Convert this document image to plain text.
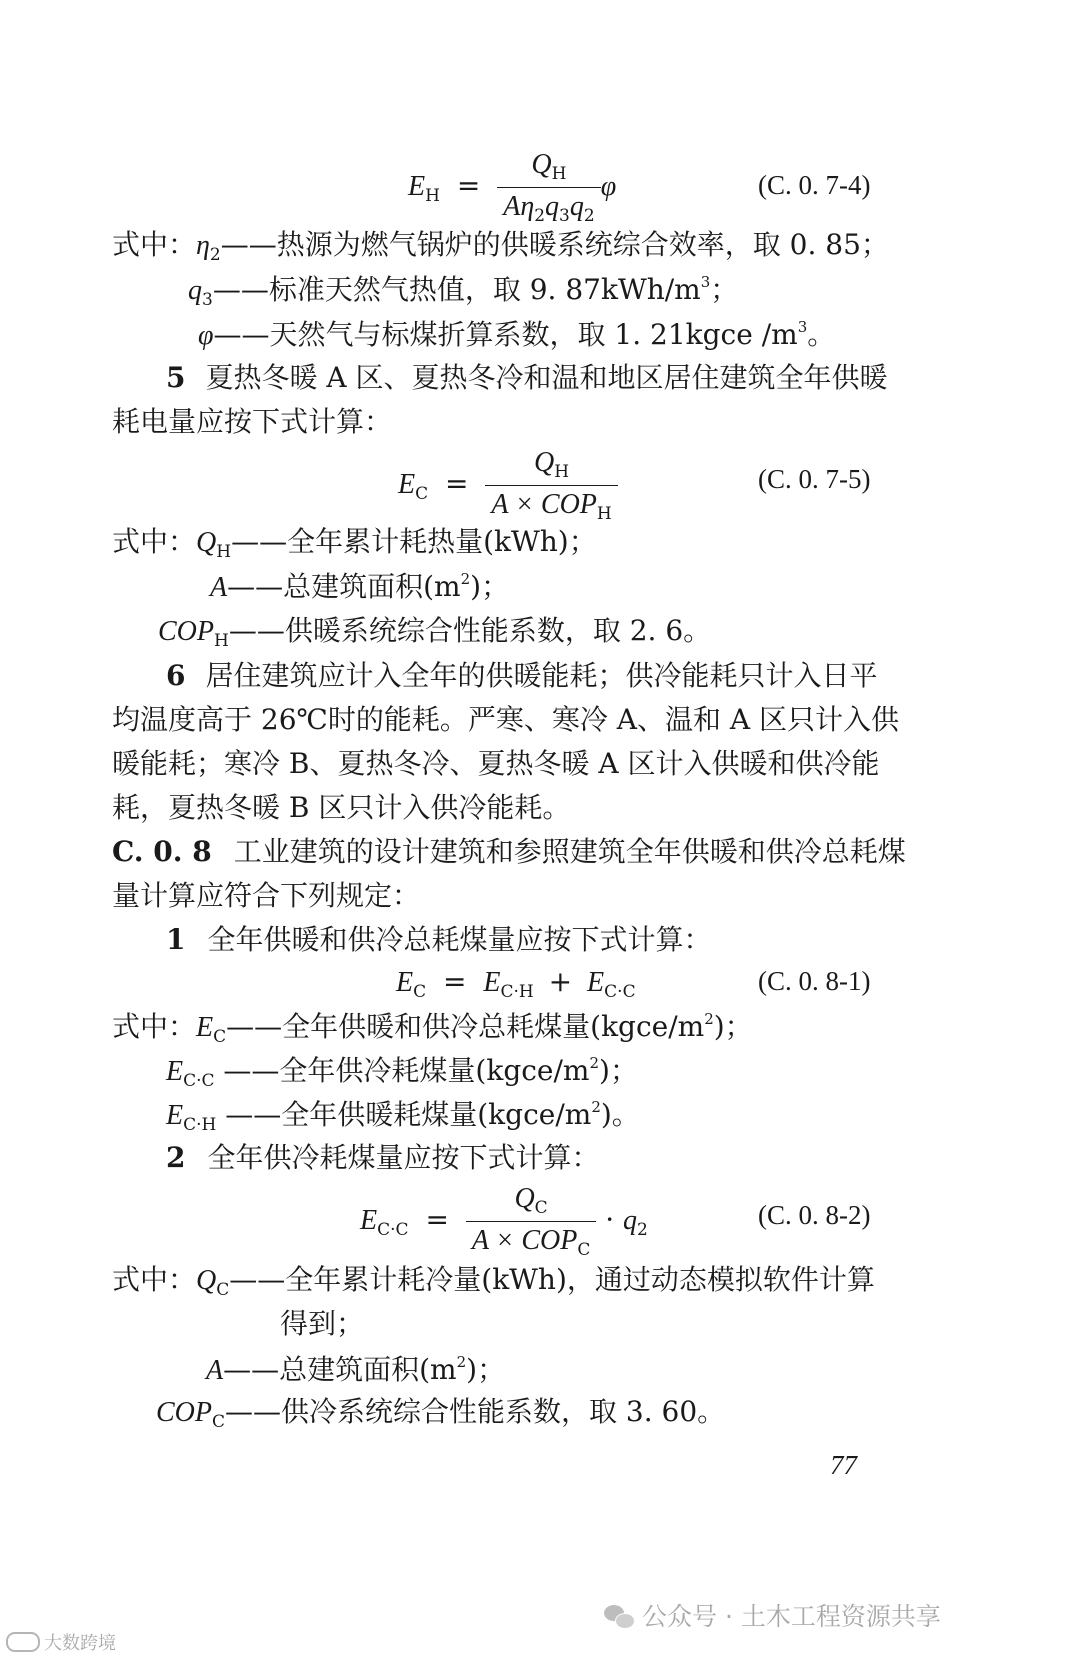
$E_H = \frac{Q_H}{A\eta_2q_3q_2}$ φ	(C. 0. 7-4)
式中：$\eta_2——$热源为燃气锅炉的供暖系统综合效率，取 0. 85；
$q_3——$标准天然气热值，取 9. $87kWh/m^3$；
φ——天然气与标煤折算系数，取 1. 21kgce $/m^3$。
5 夏热冬暖 A 区、夏热冬冷和温和地区居住建筑全年供暖
耗电量应按下式计算：
$E_C = \frac{Q_H}{A \times COP_H}$	(C. 0. 7-5)
式中：$Q_H——$全年累计耗热量(kWh)；
A——总建筑面积$(m^2)$；
$COP_H——$供暖系统综合性能系数，取 2. 6。
6 居住建筑应计入全年的供暖能耗；供冷能耗只计入日平
均温度高于 26℃时的能耗。严寒、寒冷 A、温和 A 区只计入供
暖能耗；寒冷 B、夏热冬冷、夏热冬暖 A 区计入供暖和供冷能
耗，夏热冬暖 B 区只计入供冷能耗。
C. 0. 8 工业建筑的设计建筑和参照建筑全年供暖和供冷总耗煤
量计算应符合下列规定：
1 全年供暖和供冷总耗煤量应按下式计算：
$E_C = E_{C\cdot H} + E_{C\cdot C}$	(C. 0. 8-1)
式中：$E_C——$全年供暖和供冷总耗煤量$(kgce/m^2)$；
$E_{C\cdot C}$ ——全年供冷耗煤量$(kgce/m^2)$；
$E_{C\cdot H}$ ——全年供暖耗煤量$(kgce/m^2)$。
2 全年供冷耗煤量应按下式计算：
$E_{C\cdot C} = \frac{Q_C}{A \times COP_C} \cdot q_2$	(C. 0. 8-2)
式中：$Q_C——$全年累计耗冷量(kWh)，通过动态模拟软件计算
得到；
A——总建筑面积$(m^2)$；
$COP_C——$供冷系统综合性能系数，取 3. 60。
77
大数跨境
公众号 · 土木工程资源共享
